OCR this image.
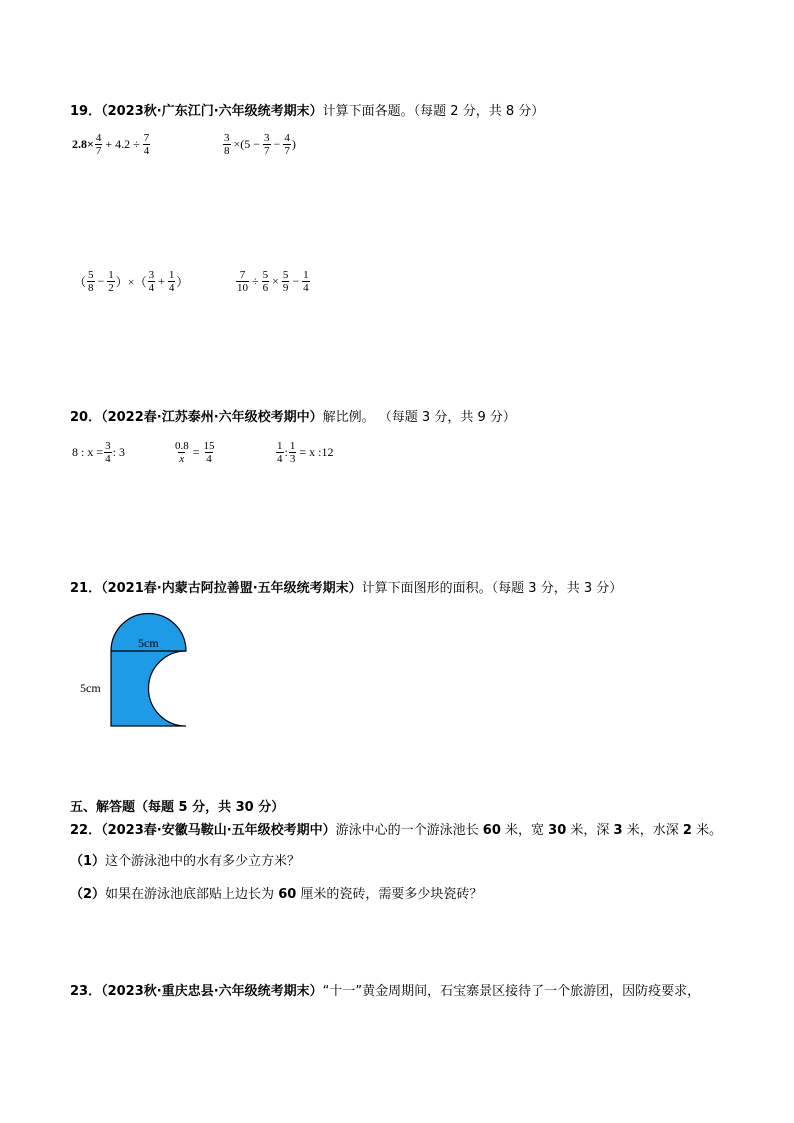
19．（2023秋·广东江门·六年级统考期末）计算下面各题。（每题 2 分，共 8 分）
$2.8\times \frac{4}{7} + 4.2 \div \frac{7}{4}$	$\frac{3}{8} \times(5 - \frac{3}{7} - \frac{4}{7}$ )
（ $\frac{5}{8} - \frac{1}{2}$ ）×（ $\frac{3}{4} + \frac{1}{4}$ ）	$\frac{7}{10} \div \frac{5}{6} \times \frac{5}{9} - \frac{1}{4}$
20．（2022春·江苏泰州·六年级校考期中）解比例。 （每题 3 分，共 9 分）
8 : $x = \frac{3}{4}$ : 3	$\frac{0.8}{x} = \frac{15}{4}$	$\frac{1}{4}$ : $\frac{1}{3} = x$ :12
21．（2021春·内蒙古阿拉善盟·五年级统考期末）计算下面图形的面积。（每题 3 分，共 3 分）
5cm
5cm
五、解答题（每题 5 分，共 30 分）
22．（2023春·安徽马鞍山·五年级校考期中）游泳中心的一个游泳池长 60 米，宽 30 米，深 3 米，水深 2 米。
（1）这个游泳池中的水有多少立方米？
（2）如果在游泳池底部贴上边长为 60 厘米的瓷砖，需要多少块瓷砖？
23．（2023秋·重庆忠县·六年级统考期末）“十一”黄金周期间，石宝寨景区接待了一个旅游团，因防疫要求，
